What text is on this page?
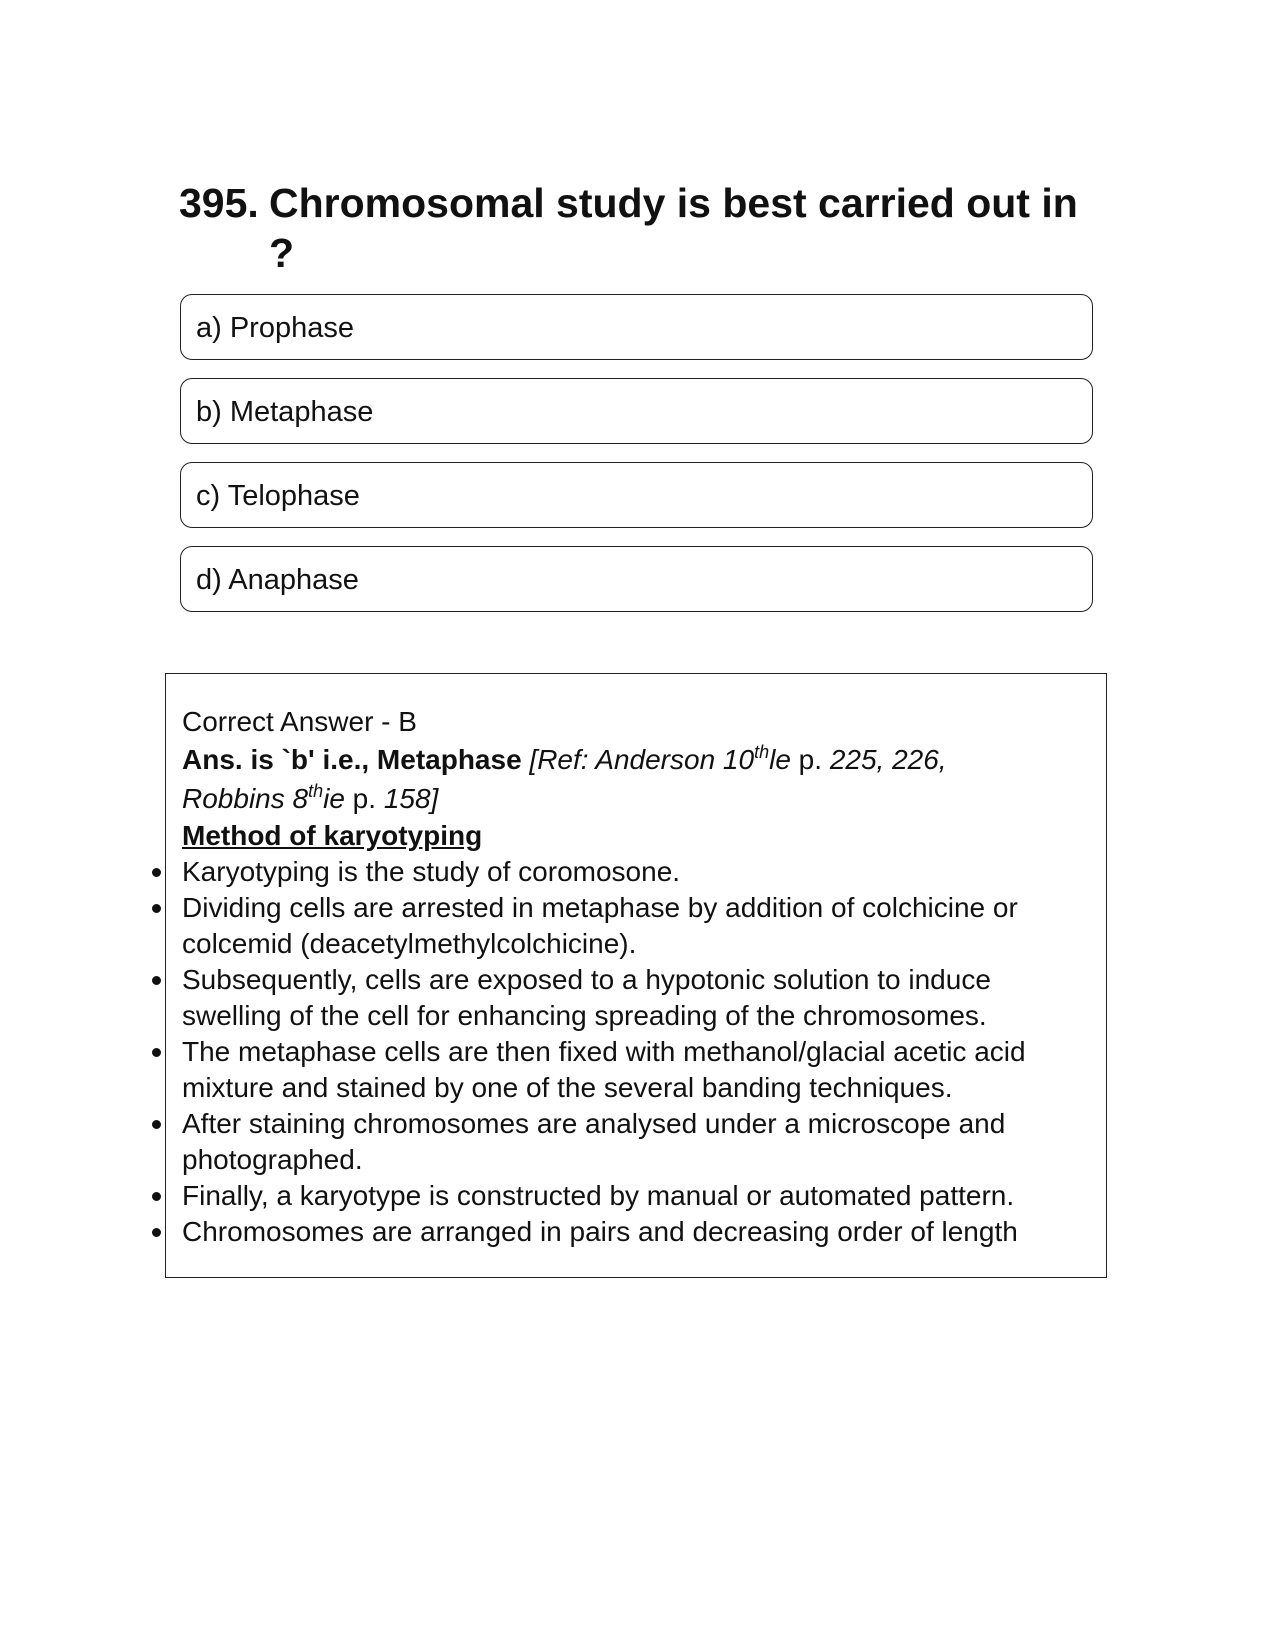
395. Chromosomal study is best carried out in ?
a) Prophase
b) Metaphase
c) Telophase
d) Anaphase

Correct Answer - B

Ans. is `b' i.e., Metaphase [Ref: Anderson 10thle p. 225, 226,
Robbins 8thie p. 158]

Method of karyotyping

Karyotyping is the study of coromosone.
Dividing cells are arrested in metaphase by addition of colchicine or colcemid (deacetylmethylcolchicine).
Subsequently, cells are exposed to a hypotonic solution to induce swelling of the cell for enhancing spreading of the chromosomes.
The metaphase cells are then fixed with methanol/glacial acetic acid mixture and stained by one of the several banding techniques.
After staining chromosomes are analysed under a microscope and photographed.
Finally, a karyotype is constructed by manual or automated pattern.
Chromosomes are arranged in pairs and decreasing order of length
